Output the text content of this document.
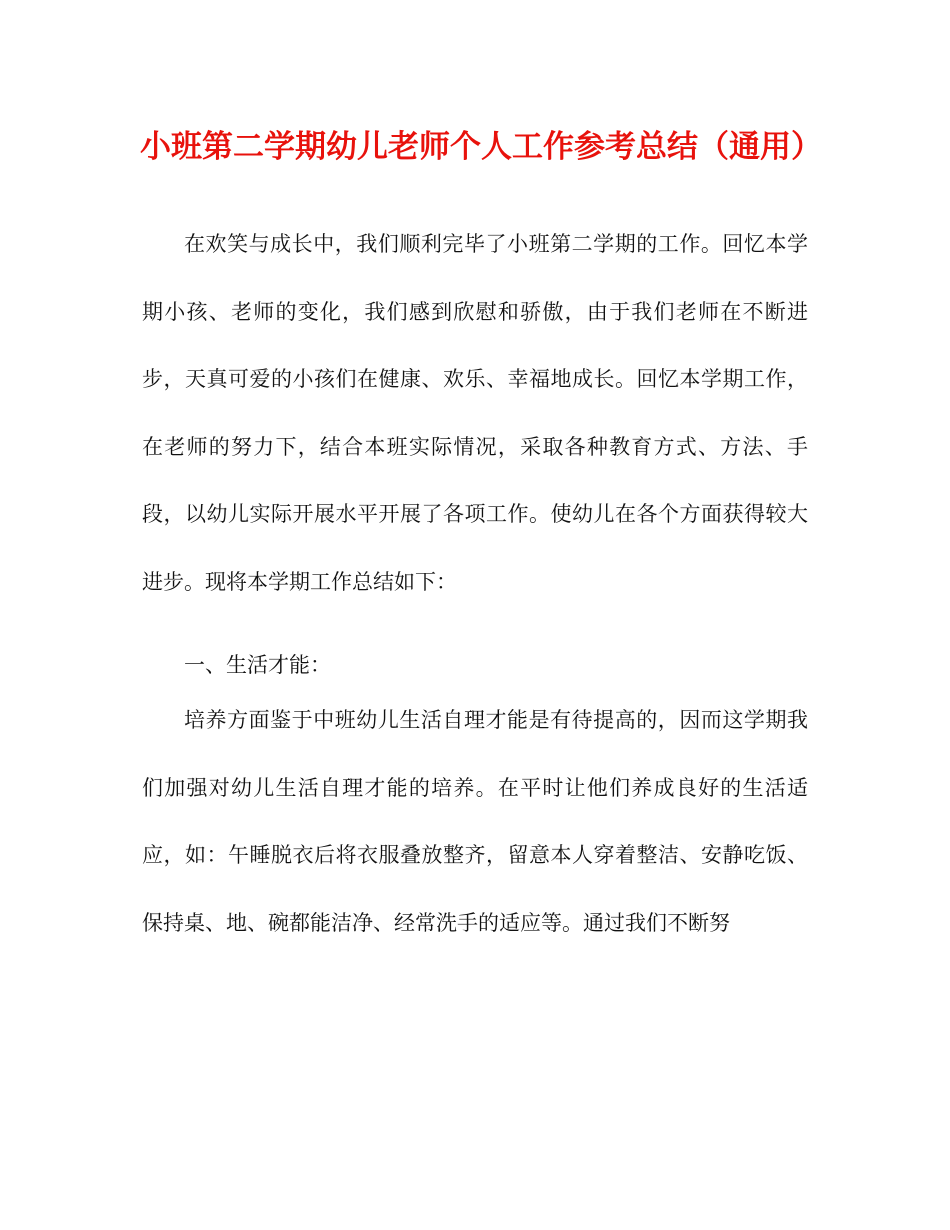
小班第二学期幼儿老师个人工作参考总结（通用）

在欢笑与成长中，我们顺利完毕了小班第二学期的工作。回忆本学期小孩、老师的变化，我们感到欣慰和骄傲，由于我们老师在不断进步，天真可爱的小孩们在健康、欢乐、幸福地成长。回忆本学期工作，在老师的努力下，结合本班实际情况，采取各种教育方式、方法、手段，以幼儿实际开展水平开展了各项工作。使幼儿在各个方面获得较大进步。现将本学期工作总结如下：

一、生活才能：

培养方面鉴于中班幼儿生活自理才能是有待提高的，因而这学期我们加强对幼儿生活自理才能的培养。在平时让他们养成良好的生活适应，如：午睡脱衣后将衣服叠放整齐，留意本人穿着整洁、安静吃饭、保持桌、地、碗都能洁净、经常洗手的适应等。通过我们不断努
